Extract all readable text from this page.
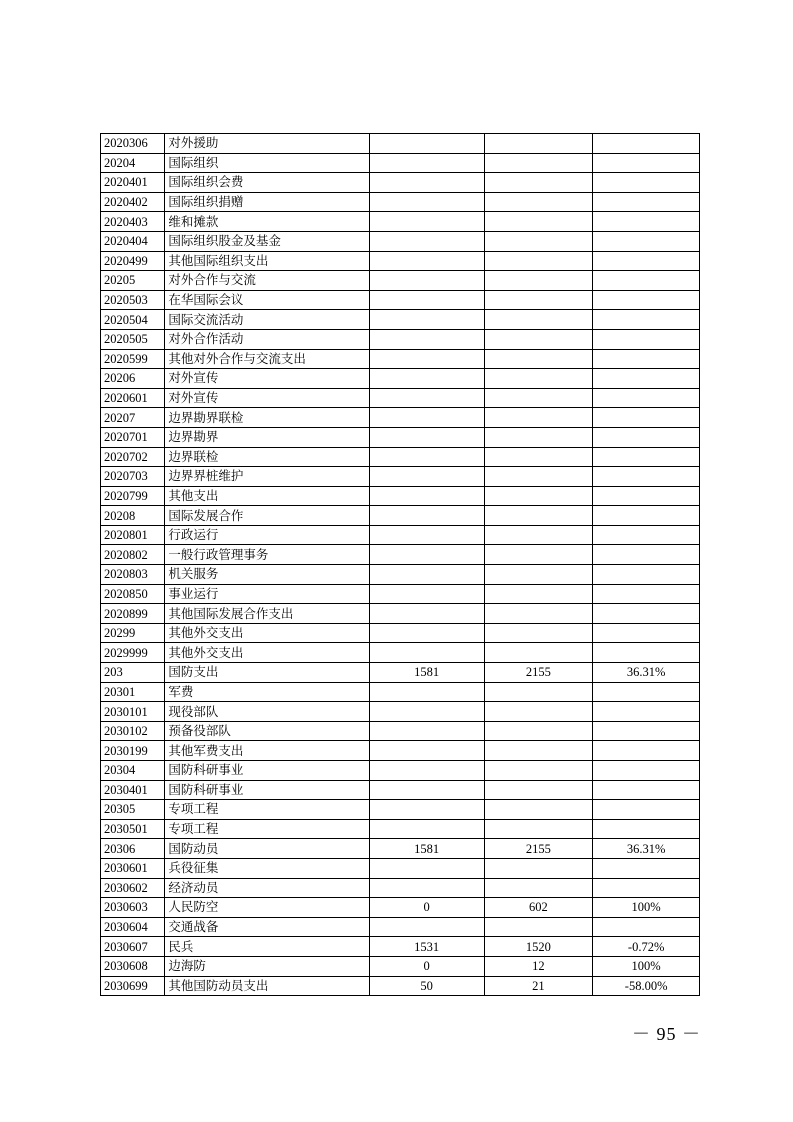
2020306	对外援助			
20204	国际组织			
2020401	国际组织会费			
2020402	国际组织捐赠			
2020403	维和摊款			
2020404	国际组织股金及基金			
2020499	其他国际组织支出			
20205	对外合作与交流			
2020503	在华国际会议			
2020504	国际交流活动			
2020505	对外合作活动			
2020599	其他对外合作与交流支出			
20206	对外宣传			
2020601	对外宣传			
20207	边界勘界联检			
2020701	边界勘界			
2020702	边界联检			
2020703	边界界桩维护			
2020799	其他支出			
20208	国际发展合作			
2020801	行政运行			
2020802	一般行政管理事务			
2020803	机关服务			
2020850	事业运行			
2020899	其他国际发展合作支出			
20299	其他外交支出			
2029999	其他外交支出			
203	国防支出	1581	2155	36.31%
20301	军费			
2030101	现役部队			
2030102	预备役部队			
2030199	其他军费支出			
20304	国防科研事业			
2030401	国防科研事业			
20305	专项工程			
2030501	专项工程			
20306	国防动员	1581	2155	36.31%
2030601	兵役征集			
2030602	经济动员			
2030603	人民防空	0	602	100%
2030604	交通战备			
2030607	民兵	1531	1520	-0.72%
2030608	边海防	0	12	100%
2030699	其他国防动员支出	50	21	-58.00%
－ 95 －
